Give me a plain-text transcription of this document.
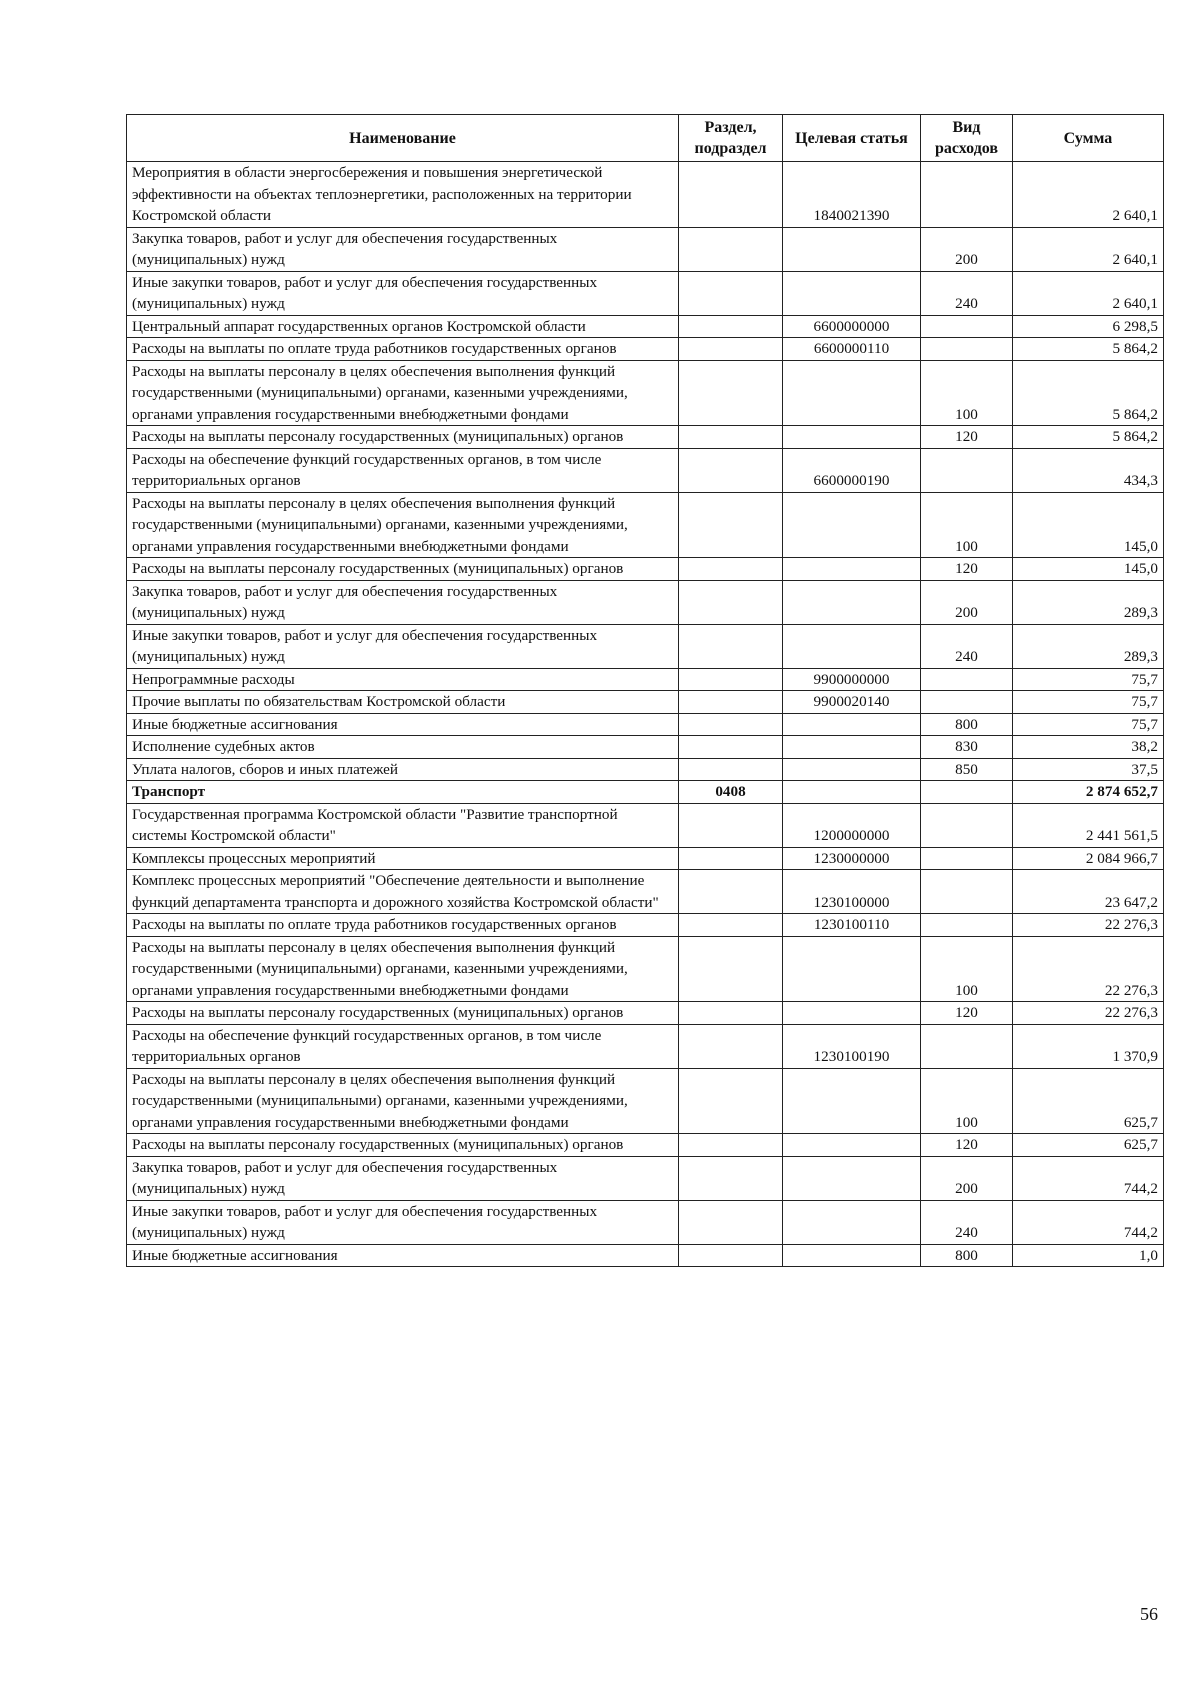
Наименование	Раздел, подраздел	Целевая статья	Вид расходов	Сумма
Мероприятия в области энергосбережения и повышения энергетической эффективности на объектах теплоэнергетики, расположенных на территории Костромской области		1840021390		2 640,1
Закупка товаров, работ и услуг для обеспечения государственных (муниципальных) нужд			200	2 640,1
Иные закупки товаров, работ и услуг для обеспечения государственных (муниципальных) нужд			240	2 640,1
Центральный аппарат государственных органов Костромской области		6600000000		6 298,5
Расходы на выплаты по оплате труда работников государственных органов		6600000110		5 864,2
Расходы на выплаты персоналу в целях обеспечения выполнения функций государственными (муниципальными) органами, казенными учреждениями, органами управления государственными внебюджетными фондами			100	5 864,2
Расходы на выплаты персоналу государственных (муниципальных) органов			120	5 864,2
Расходы на обеспечение функций государственных органов, в том числе территориальных органов		6600000190		434,3
Расходы на выплаты персоналу в целях обеспечения выполнения функций государственными (муниципальными) органами, казенными учреждениями, органами управления государственными внебюджетными фондами			100	145,0
Расходы на выплаты персоналу государственных (муниципальных) органов			120	145,0
Закупка товаров, работ и услуг для обеспечения государственных (муниципальных) нужд			200	289,3
Иные закупки товаров, работ и услуг для обеспечения государственных (муниципальных) нужд			240	289,3
Непрограммные расходы		9900000000		75,7
Прочие выплаты по обязательствам Костромской области		9900020140		75,7
Иные бюджетные ассигнования			800	75,7
Исполнение судебных актов			830	38,2
Уплата налогов, сборов и иных платежей			850	37,5
Транспорт	0408			2 874 652,7
Государственная программа Костромской области "Развитие транспортной системы Костромской области"		1200000000		2 441 561,5
Комплексы процессных мероприятий		1230000000		2 084 966,7
Комплекс процессных мероприятий "Обеспечение деятельности и выполнение функций департамента транспорта и дорожного хозяйства Костромской области"		1230100000		23 647,2
Расходы на выплаты по оплате труда работников государственных органов		1230100110		22 276,3
Расходы на выплаты персоналу в целях обеспечения выполнения функций государственными (муниципальными) органами, казенными учреждениями, органами управления государственными внебюджетными фондами			100	22 276,3
Расходы на выплаты персоналу государственных (муниципальных) органов			120	22 276,3
Расходы на обеспечение функций государственных органов, в том числе территориальных органов		1230100190		1 370,9
Расходы на выплаты персоналу в целях обеспечения выполнения функций государственными (муниципальными) органами, казенными учреждениями, органами управления государственными внебюджетными фондами			100	625,7
Расходы на выплаты персоналу государственных (муниципальных) органов			120	625,7
Закупка товаров, работ и услуг для обеспечения государственных (муниципальных) нужд			200	744,2
Иные закупки товаров, работ и услуг для обеспечения государственных (муниципальных) нужд			240	744,2
Иные бюджетные ассигнования			800	1,0
56
